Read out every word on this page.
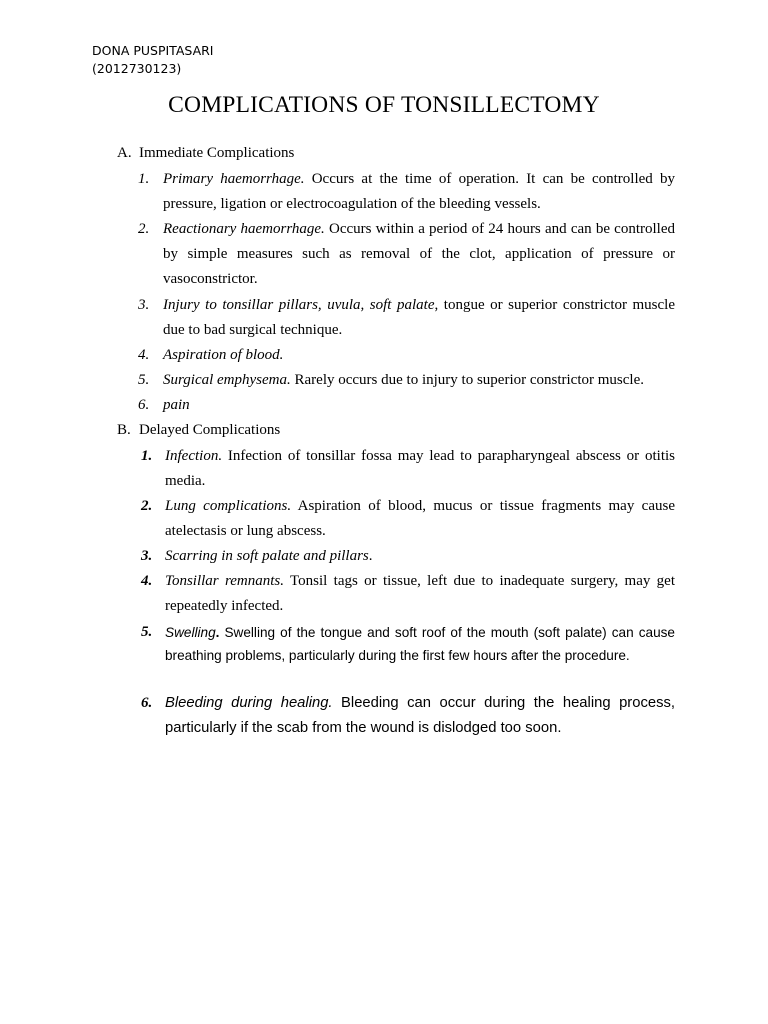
DONA PUSPITASARI
(2012730123)
COMPLICATIONS OF TONSILLECTOMY
A. Immediate Complications
1. Primary haemorrhage. Occurs at the time of operation. It can be controlled by pressure, ligation or electrocoagulation of the bleeding vessels.
2. Reactionary haemorrhage. Occurs within a period of 24 hours and can be controlled by simple measures such as removal of the clot, application of pressure or vasoconstrictor.
3. Injury to tonsillar pillars, uvula, soft palate, tongue or superior constrictor muscle due to bad surgical technique.
4. Aspiration of blood.
5. Surgical emphysema. Rarely occurs due to injury to superior constrictor muscle.
6. pain
B. Delayed Complications
1. Infection. Infection of tonsillar fossa may lead to parapharyngeal abscess or otitis media.
2. Lung complications. Aspiration of blood, mucus or tissue fragments may cause atelectasis or lung abscess.
3. Scarring in soft palate and pillars.
4. Tonsillar remnants. Tonsil tags or tissue, left due to inadequate surgery, may get repeatedly infected.
5. Swelling. Swelling of the tongue and soft roof of the mouth (soft palate) can cause breathing problems, particularly during the first few hours after the procedure.
6. Bleeding during healing. Bleeding can occur during the healing process, particularly if the scab from the wound is dislodged too soon.
